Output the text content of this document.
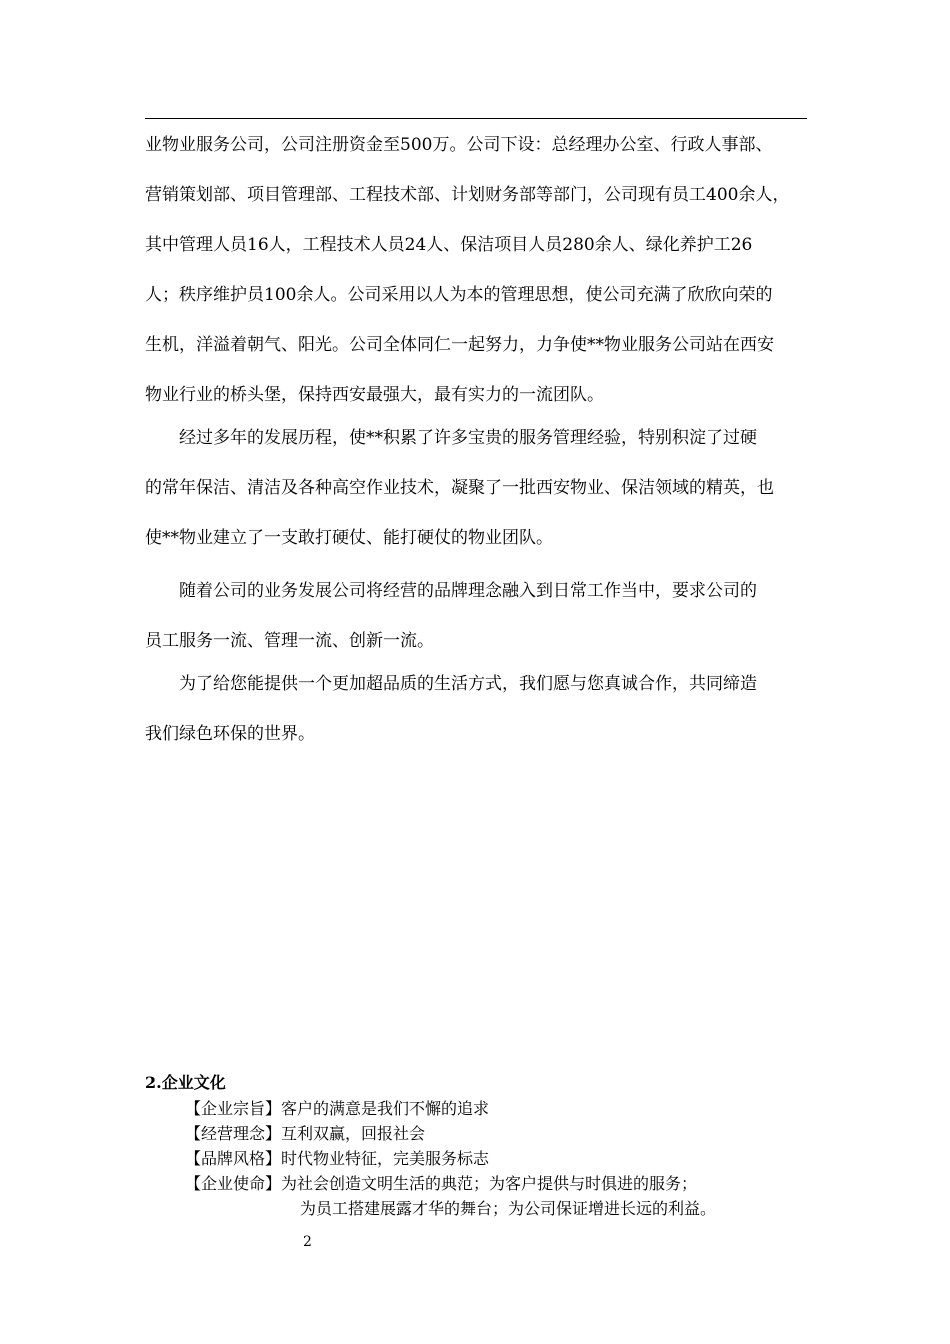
业物业服务公司，公司注册资金至500万。公司下设：总经理办公室、行政人事部、
营销策划部、项目管理部、工程技术部、计划财务部等部门，公司现有员工400余人，
其中管理人员16人，工程技术人员24人、保洁项目人员280余人、绿化养护工26
人；秩序维护员100余人。公司采用以人为本的管理思想，使公司充满了欣欣向荣的
生机，洋溢着朝气、阳光。公司全体同仁一起努力，力争使**物业服务公司站在西安
物业行业的桥头堡，保持西安最强大，最有实力的一流团队。
　　经过多年的发展历程，使**积累了许多宝贵的服务管理经验，特别积淀了过硬
的常年保洁、清洁及各种高空作业技术，凝聚了一批西安物业、保洁领域的精英，也
使**物业建立了一支敢打硬仗、能打硬仗的物业团队。
　　随着公司的业务发展公司将经营的品牌理念融入到日常工作当中，要求公司的
员工服务一流、管理一流、创新一流。
　　为了给您能提供一个更加超品质的生活方式，我们愿与您真诚合作，共同缔造
我们绿色环保的世界。
2.企业文化
【企业宗旨】客户的满意是我们不懈的追求
【经营理念】互利双赢，回报社会
【品牌风格】时代物业特征，完美服务标志
【企业使命】为社会创造文明生活的典范；为客户提供与时俱进的服务；
为员工搭建展露才华的舞台；为公司保证增进长远的利益。
2
